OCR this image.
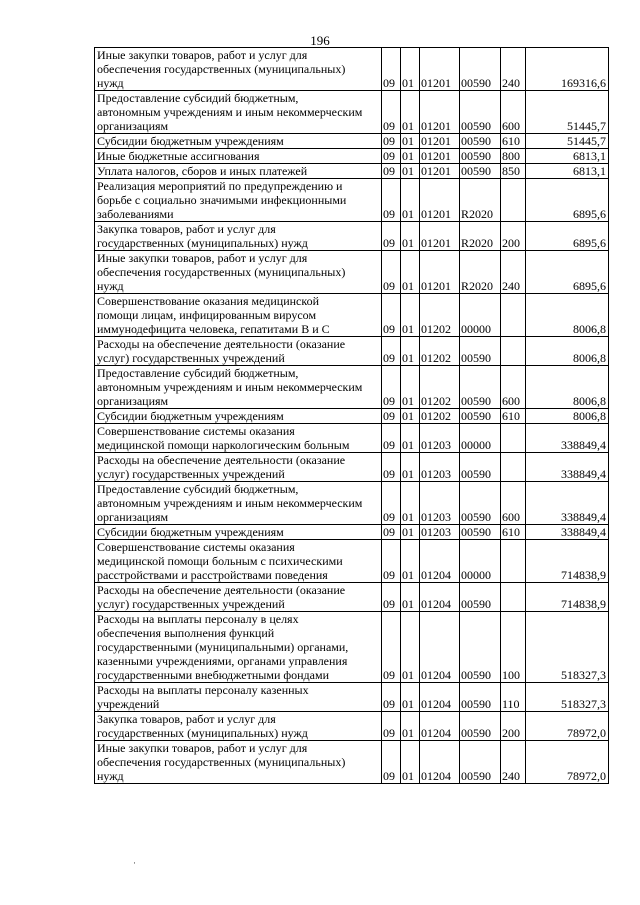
196
Иные закупки товаров, работ и услуг для
обеспечения государственных (муниципальных)
нужд	09	01	01201	00590	240	169316,6

Предоставление субсидий бюджетным,
автономным учреждениям и иным некоммерческим
организациям	09	01	01201	00590	600	51445,7

Субсидии бюджетным учреждениям	09	01	01201	00590	610	51445,7

Иные бюджетные ассигнования	09	01	01201	00590	800	6813,1

Уплата налогов, сборов и иных платежей	09	01	01201	00590	850	6813,1

Реализация мероприятий по предупреждению и
борьбе с социально значимыми инфекционными
заболеваниями	09	01	01201	R2020		6895,6

Закупка товаров, работ и услуг для
государственных (муниципальных) нужд	09	01	01201	R2020	200	6895,6

Иные закупки товаров, работ и услуг для
обеспечения государственных (муниципальных)
нужд	09	01	01201	R2020	240	6895,6

Совершенствование оказания медицинской
помощи лицам, инфицированным вирусом
иммунодефицита человека, гепатитами В и С	09	01	01202	00000		8006,8

Расходы на обеспечение деятельности (оказание
услуг) государственных учреждений	09	01	01202	00590		8006,8

Предоставление субсидий бюджетным,
автономным учреждениям и иным некоммерческим
организациям	09	01	01202	00590	600	8006,8

Субсидии бюджетным учреждениям	09	01	01202	00590	610	8006,8

Совершенствование системы оказания
медицинской помощи наркологическим больным	09	01	01203	00000		338849,4

Расходы на обеспечение деятельности (оказание
услуг) государственных учреждений	09	01	01203	00590		338849,4

Предоставление субсидий бюджетным,
автономным учреждениям и иным некоммерческим
организациям	09	01	01203	00590	600	338849,4

Субсидии бюджетным учреждениям	09	01	01203	00590	610	338849,4

Совершенствование системы оказания
медицинской помощи больным с психическими
расстройствами и расстройствами поведения	09	01	01204	00000		714838,9

Расходы на обеспечение деятельности (оказание
услуг) государственных учреждений	09	01	01204	00590		714838,9

Расходы на выплаты персоналу в целях
обеспечения выполнения функций
государственными (муниципальными) органами,
казенными учреждениями, органами управления
государственными внебюджетными фондами	09	01	01204	00590	100	518327,3

Расходы на выплаты персоналу казенных
учреждений	09	01	01204	00590	110	518327,3

Закупка товаров, работ и услуг для
государственных (муниципальных) нужд	09	01	01204	00590	200	78972,0

Иные закупки товаров, работ и услуг для
обеспечения государственных (муниципальных)
нужд	09	01	01204	00590	240	78972,0
·
